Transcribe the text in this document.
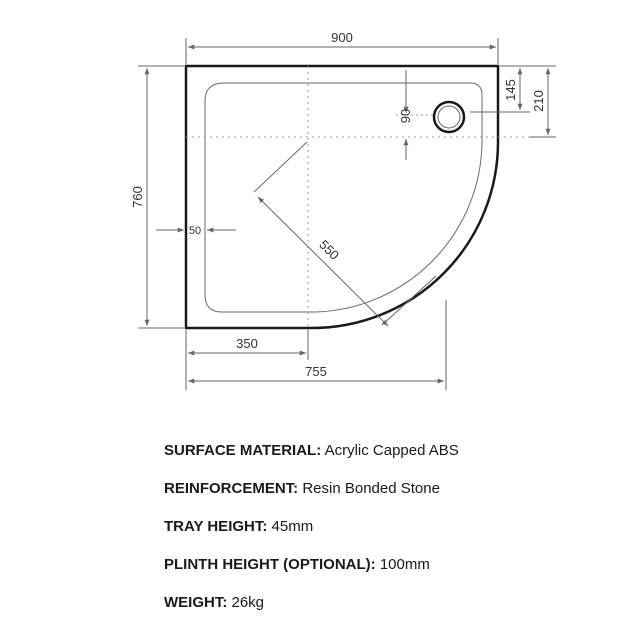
900
760
145
210
90
550
50
350
755
SURFACE MATERIAL: Acrylic Capped ABS
REINFORCEMENT: Resin Bonded Stone
TRAY HEIGHT: 45mm
PLINTH HEIGHT (OPTIONAL): 100mm
WEIGHT: 26kg
